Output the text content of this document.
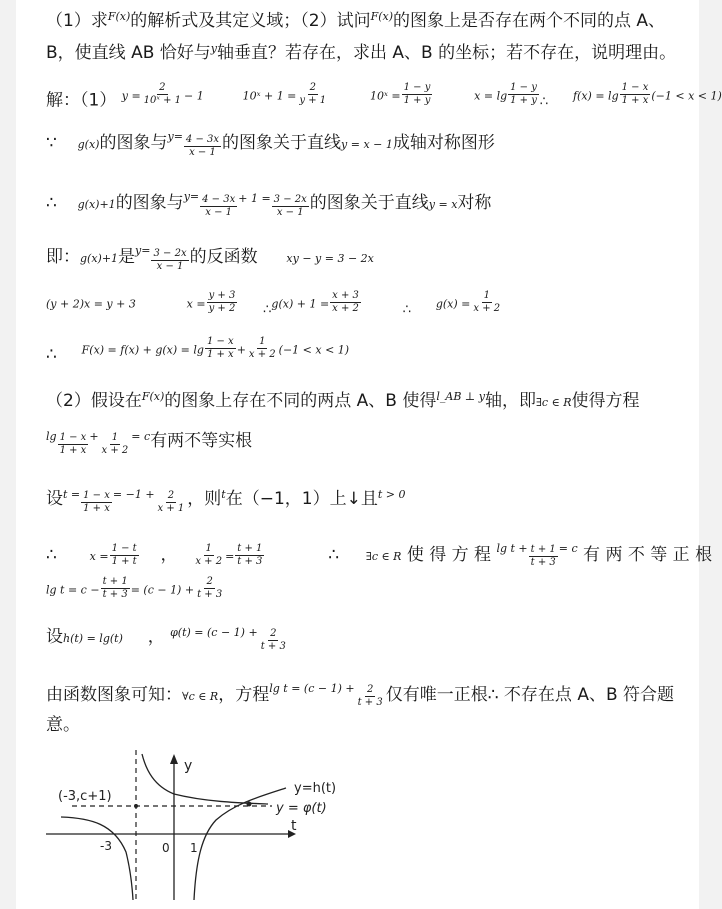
（1）求$^{F(x)}$的解析式及其定义域；（2）试问$^{F(x)}$的图象上是否存在两个不同的点 A、
B，使直线 AB 恰好与$^y$轴垂直？若存在，求出 A、B 的坐标；若不存在，说明理由。
解：（1） $y = \frac{2}{\text{10ˣ + 1}} - 1$	10ˣ + $1 = \frac{2}{y + 1}$	10ˣ = $\frac{1 - y}{1 + y}$	$x = \lg \frac{1 - y}{1 + y} _\therefore$ $f(x) = \lg \frac{1 - x}{1 + x} (-1 < x < 1)$
∵ g(x)的图象与$^{y=} \frac{4 - 3x}{x - 1}$ 的图象关于直线y = x − 1成轴对称图形
∴ g(x)+1的图象与$^{y=} \frac{4 - 3x}{x - 1} ^{+ 1 =} \frac{3 - 2x}{x - 1}$ 的图象关于直线y = x对称
即：g(x)+1是$^{y=} \frac{3 - 2x}{x - 1}$ 的反函数	xy − y = 3 − 2x
(y + 2)x = y + 3	$x = \frac{y + 3}{y + 2} _\therefore g(x) + 1 = \frac{x + 3}{x + 2}$	$_\therefore$ $g(x) = \frac{1}{x + 2}$
∴ $F(x) = f(x) + g(x) = \lg \frac{1 - x}{1 + x} + \frac{1}{x + 2} (-1 < x < 1)$
（2）假设在$^{F(x)}$的图象上存在不同的两点 A、B 使得$^{l\_AB \perp y}$轴，即∃c ∈ R使得方程
$^{lg} \frac{1 - x}{1 + x} ^+ \frac{1}{x + 2} ^{= c}$有两不等实根
设$^{t =} \frac{1 - x}{1 + x} ^{= -1 +} \frac{2}{x + 1}$ ，则$^t$在（−1，1）上↓且$^{t > 0}$
∴	$x = \frac{1 - t}{1 + t}$ ， $\frac{1}{x + 2} = \frac{t + 1}{t + 3}$	∴ ∃c ∈ R 使 得 方 程 $^{lg t +} \frac{t + 1}{t + 3} ^{= c}$ 有 两 不 等 正 根
$\lg t = c - \frac{t + 1}{t + 3} = (c - 1) + \frac{2}{t + 3}$
设h(t) = lg(t) ， $^{\varphi(t) = (c - 1) +} \frac{2}{t + 3}$
由函数图象可知：∀c ∈ R，方程$^{lg t = (c - 1) +} \frac{2}{t + 3}$ 仅有唯一正根∴ 不存在点 A、B 符合题
意。
y
t
(-3,c+1)
y=h(t)
y = φ(t)
-3	0 1
